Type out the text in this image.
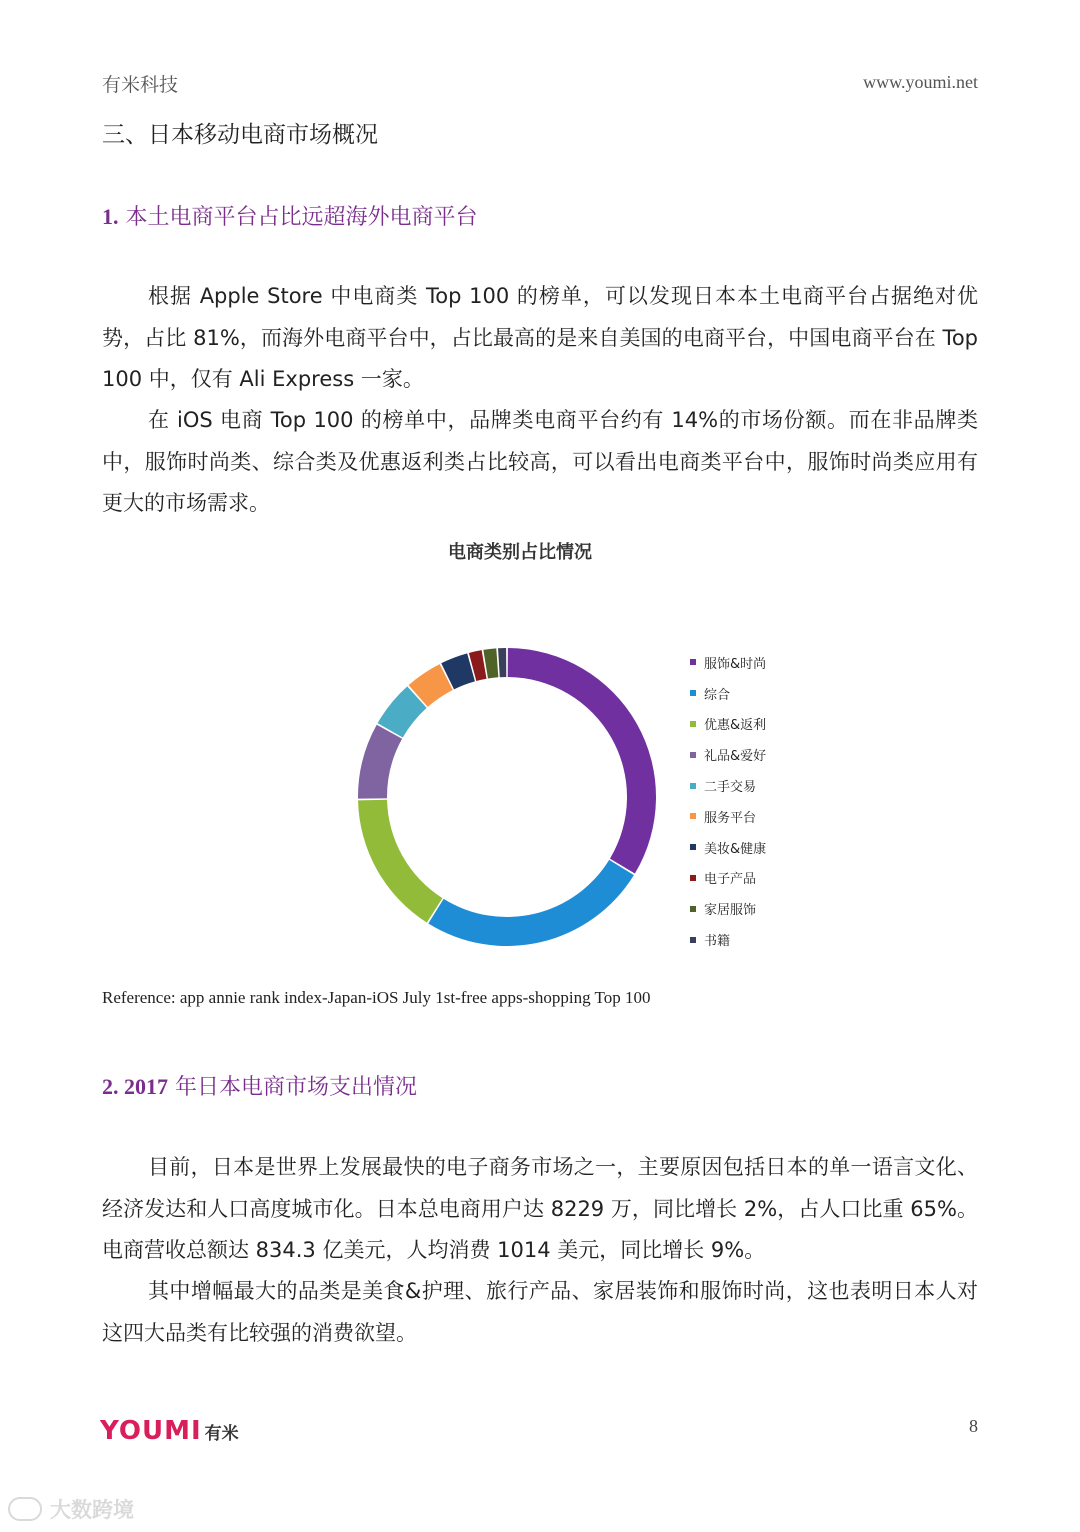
有米科技	www.youmi.net
三、日本移动电商市场概况
1. 本土电商平台占比远超海外电商平台

根据 Apple Store 中电商类 Top 100 的榜单，可以发现日本本土电商平台占据绝对优势，占比 81%，而海外电商平台中，占比最高的是来自美国的电商平台，中国电商平台在 Top 100 中，仅有 Ali Express 一家。

在 iOS 电商 Top 100 的榜单中，品牌类电商平台约有 14%的市场份额。而在非品牌类中，服饰时尚类、综合类及优惠返利类占比较高，可以看出电商类平台中，服饰时尚类应用有更大的市场需求。

电商类别占比情况
服饰&时尚
综合
优惠&返利
礼品&爱好
二手交易
服务平台
美妆&健康
电子产品
家居服饰
书籍
Reference: app annie rank index-Japan-iOS July 1st-free apps-shopping Top 100
2. 2017 年日本电商市场支出情况

目前，日本是世界上发展最快的电子商务市场之一，主要原因包括日本的单一语言文化、经济发达和人口高度城市化。日本总电商用户达 8229 万，同比增长 2%，占人口比重 65%。电商营收总额达 834.3 亿美元，人均消费 1014 美元，同比增长 9%。

其中增幅最大的品类是美食&护理、旅行产品、家居装饰和服饰时尚，这也表明日本人对这四大品类有比较强的消费欲望。

YOUMI 有米	8
大数跨境
